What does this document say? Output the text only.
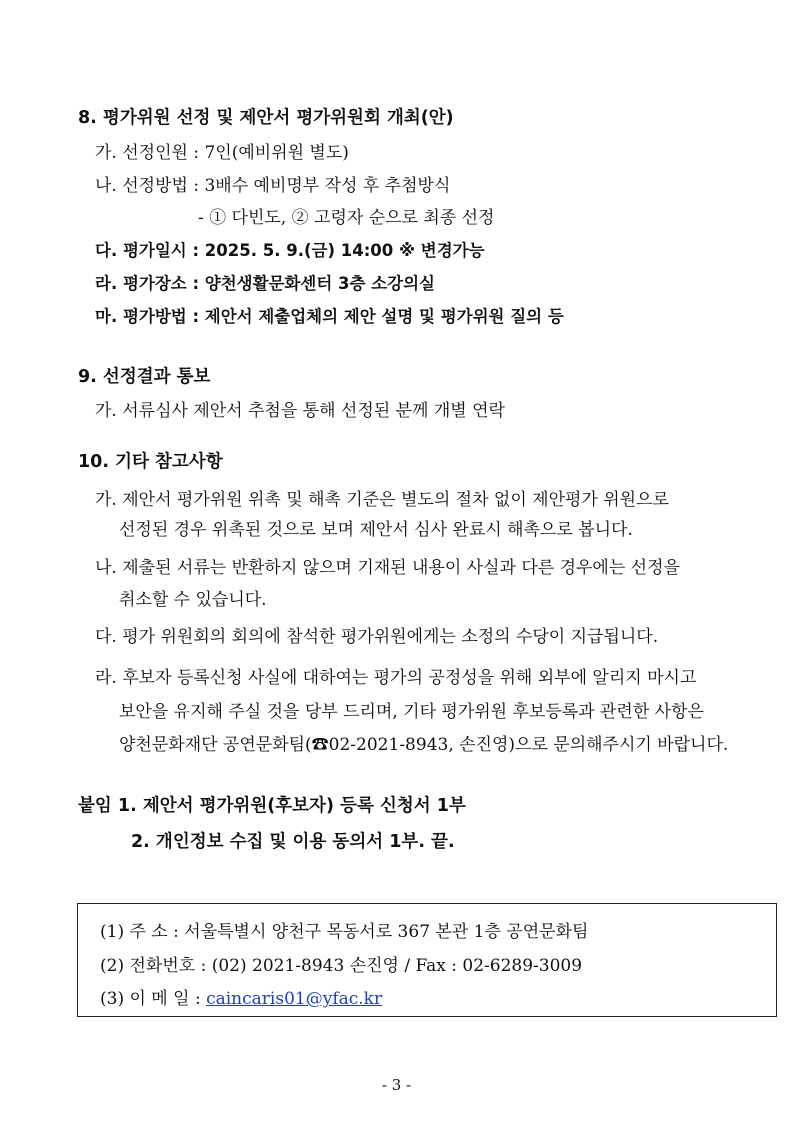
8. 평가위원 선정 및 제안서 평가위원회 개최(안)
가. 선정인원 : 7인(예비위원 별도)
나. 선정방법 : 3배수 예비명부 작성 후 추첨방식
- ① 다빈도, ② 고령자 순으로 최종 선정
다. 평가일시 : 2025. 5. 9.(금) 14:00 ※ 변경가능
라. 평가장소 : 양천생활문화센터 3층 소강의실
마. 평가방법 : 제안서 제출업체의 제안 설명 및 평가위원 질의 등
9. 선정결과 통보
가. 서류심사 제안서 추첨을 통해 선정된 분께 개별 연락
10. 기타 참고사항
가. 제안서 평가위원 위촉 및 해촉 기준은 별도의 절차 없이 제안평가 위원으로
선정된 경우 위촉된 것으로 보며 제안서 심사 완료시 해촉으로 봅니다.
나. 제출된 서류는 반환하지 않으며 기재된 내용이 사실과 다른 경우에는 선정을
취소할 수 있습니다.
다. 평가 위원회의 회의에 참석한 평가위원에게는 소정의 수당이 지급됩니다.
라. 후보자 등록신청 사실에 대하여는 평가의 공정성을 위해 외부에 알리지 마시고
보안을 유지해 주실 것을 당부 드리며, 기타 평가위원 후보등록과 관련한 사항은
양천문화재단 공연문화팀(☎02-2021-8943, 손진영)으로 문의해주시기 바랍니다.
붙임 1. 제안서 평가위원(후보자) 등록 신청서 1부
2. 개인정보 수집 및 이용 동의서 1부. 끝.
(1) 주 소 : 서울특별시 양천구 목동서로 367 본관 1층 공연문화팀
(2) 전화번호 : (02) 2021-8943 손진영 / Fax : 02-6289-3009
(3) 이 메 일 : caincaris01@yfac.kr
- 3 -
